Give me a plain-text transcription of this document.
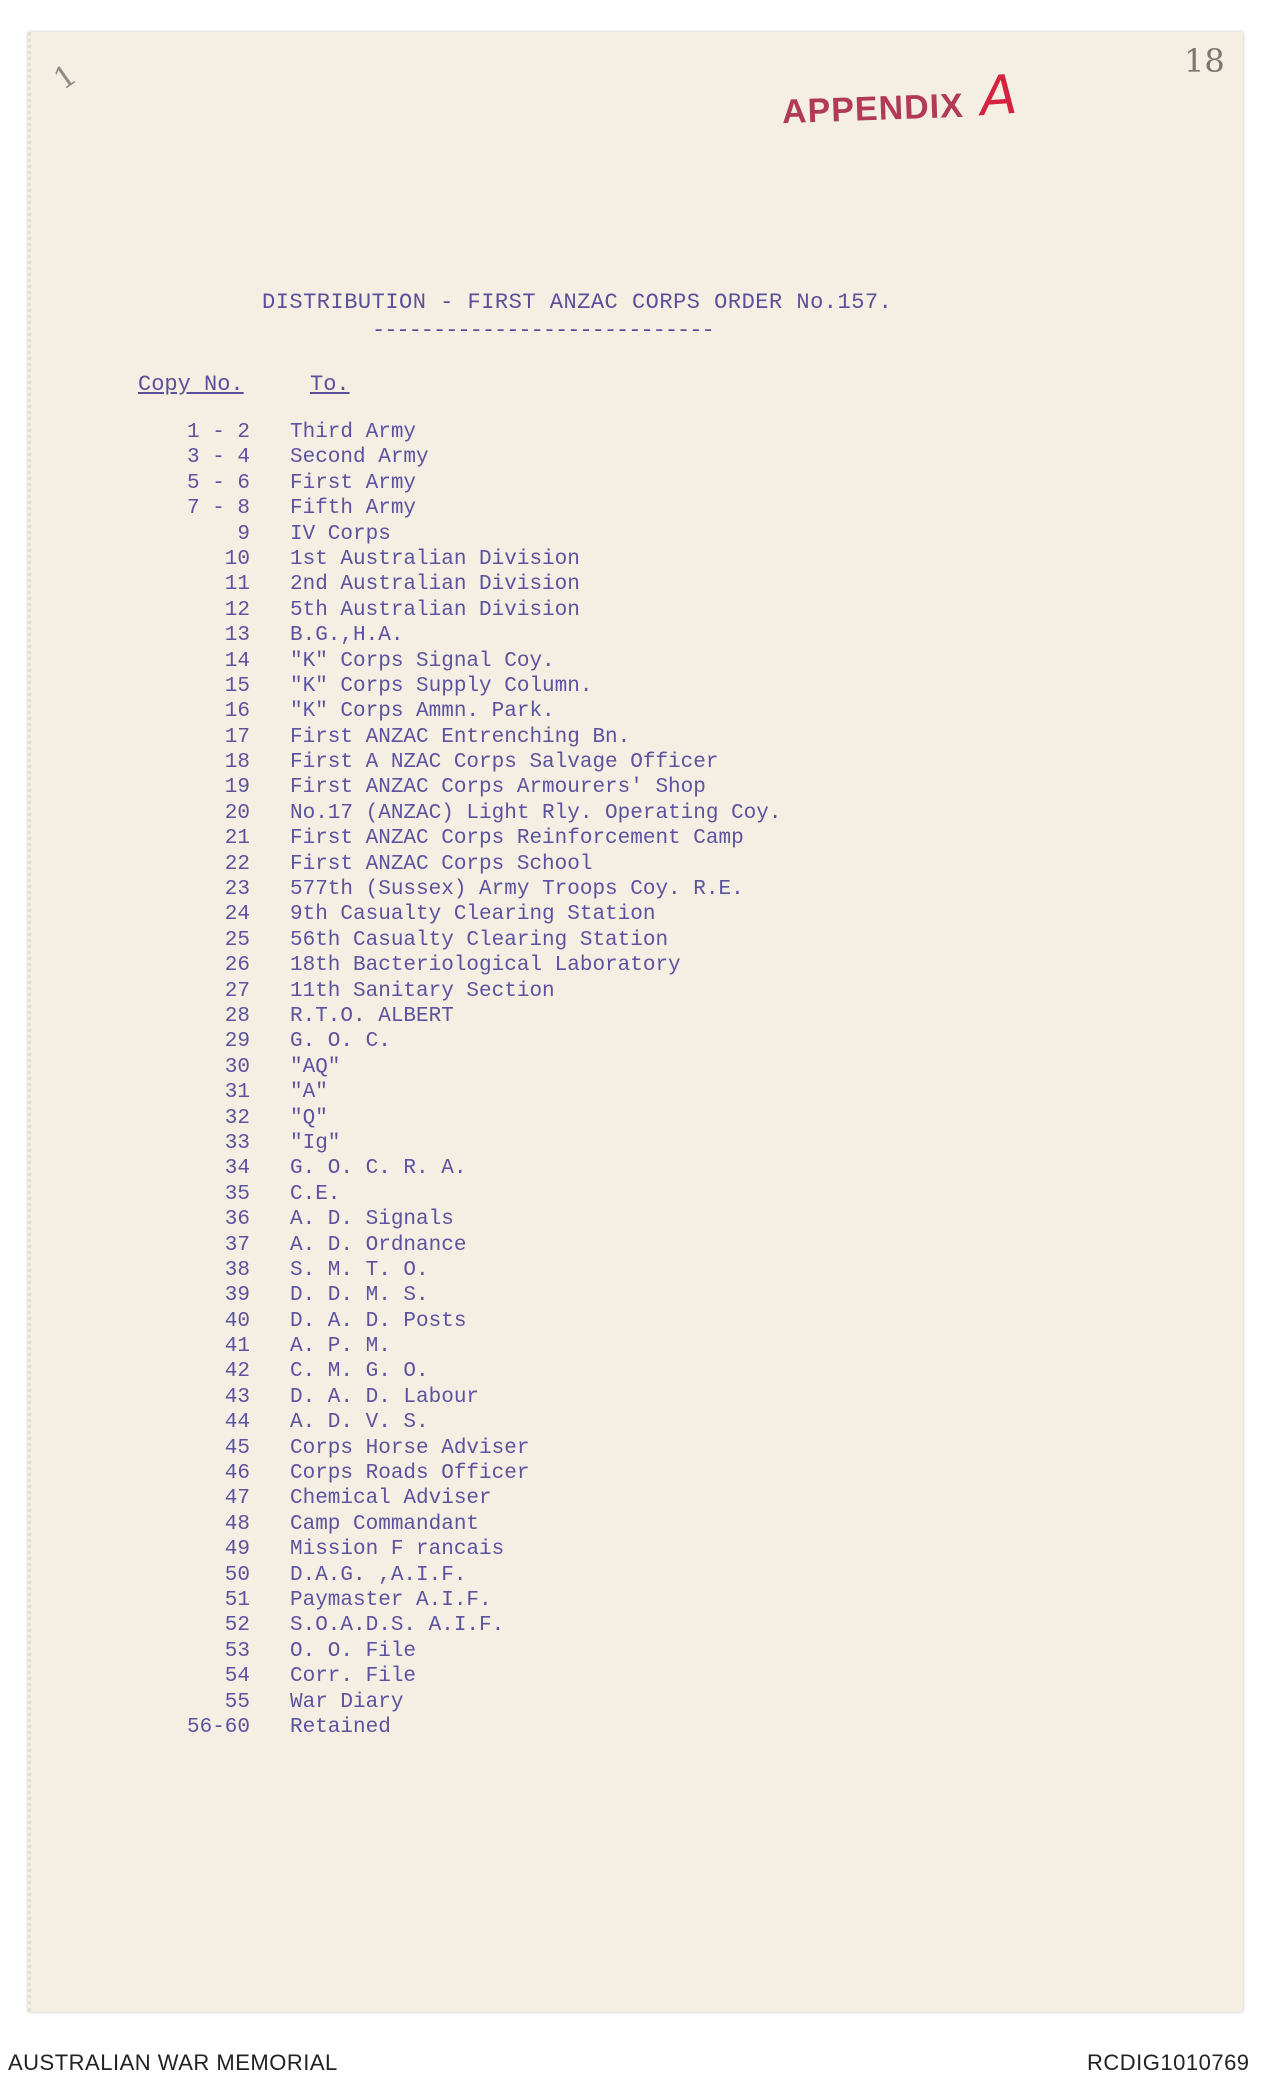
1	18
APPENDIX A
DISTRIBUTION - FIRST ANZAC CORPS ORDER No.157.
----------------------------
Copy No.	To.
1 - 2 Third Army
3 - 4 Second Army
5 - 6 First Army
7 - 8 Fifth Army
9 IV Corps
10 1st Australian Division
11 2nd Australian Division
12 5th Australian Division
13 B.G.,H.A.
14 "K" Corps Signal Coy.
15 "K" Corps Supply Column.
16 "K" Corps Ammn. Park.
17 First ANZAC Entrenching Bn.
18 First A NZAC Corps Salvage Officer
19 First ANZAC Corps Armourers' Shop
20 No.17 (ANZAC) Light Rly. Operating Coy.
21 First ANZAC Corps Reinforcement Camp
22 First ANZAC Corps School
23 577th (Sussex) Army Troops Coy. R.E.
24 9th Casualty Clearing Station
25 56th Casualty Clearing Station
26 18th Bacteriological Laboratory
27 11th Sanitary Section
28 R.T.O. ALBERT
29 G. O. C.
30 "AQ"
31 "A"
32 "Q"
33 "Ig"
34 G. O. C. R. A.
35 C.E.
36 A. D. Signals
37 A. D. Ordnance
38 S. M. T. O.
39 D. D. M. S.
40 D. A. D. Posts
41 A. P. M.
42 C. M. G. O.
43 D. A. D. Labour
44 A. D. V. S.
45 Corps Horse Adviser
46 Corps Roads Officer
47 Chemical Adviser
48 Camp Commandant
49 Mission F rancais
50 D.A.G. ,A.I.F.
51 Paymaster A.I.F.
52 S.O.A.D.S. A.I.F.
53 O. O. File
54 Corr. File
55 War Diary
56-60 Retained
AUSTRALIAN WAR MEMORIAL	RCDIG1010769
